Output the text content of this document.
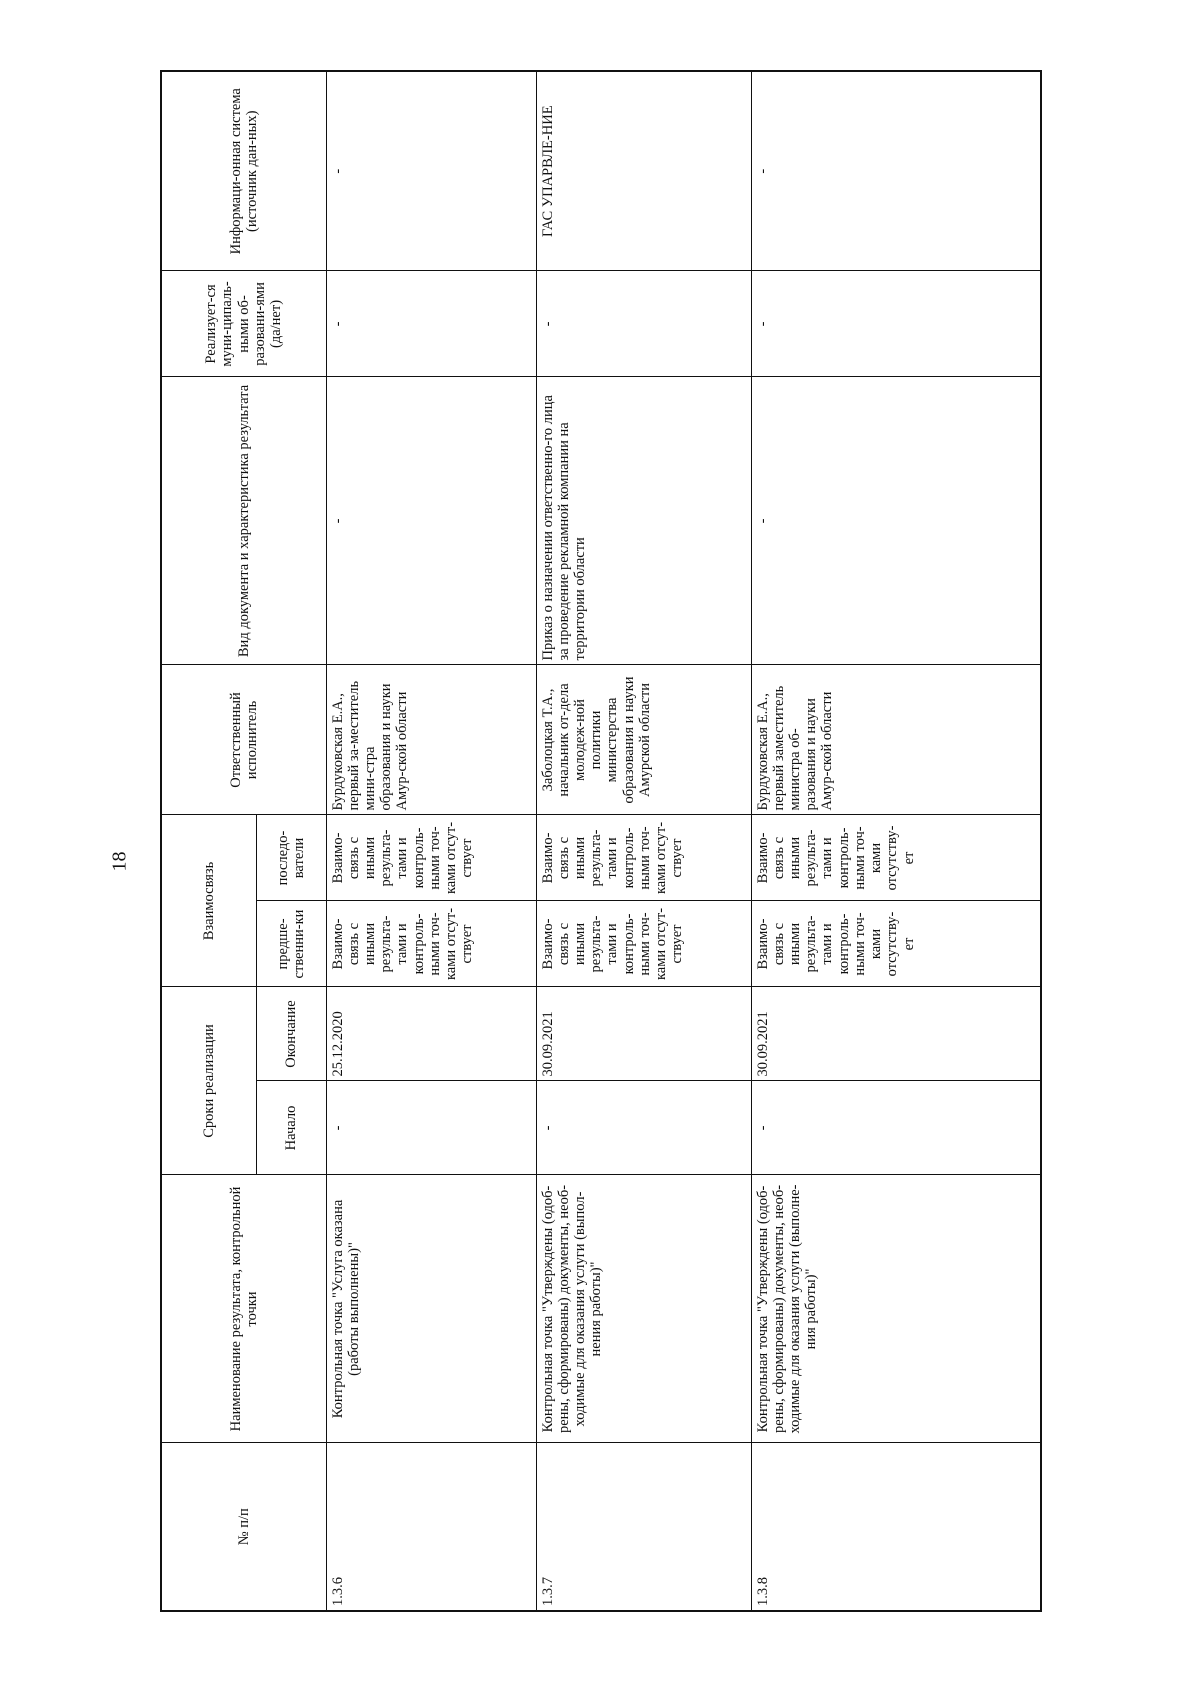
18
№ п/п	Наименование результата, контрольной точки	Сроки реализации		Взаимосвязь		Ответственный исполнитель	Вид документа и характеристика результата	Реализует-ся муни-ципаль-ными об-разовани-ями (да/нет)	Информаци-онная система (источник дан-ных)
		Начало	Окончание	предше-ственни-ки	последо-ватели				
1.3.6	Контрольная точка "Услуга оказана (работы выполнены)"	-	25.12.2020	Взаимо-связь с иными результа-тами и контроль-ными точ-ками отсут-ствует	Взаимо-связь с иными результа-тами и контроль-ными точ-ками отсут-ствует	Бурдуковская Е.А., первый за-меститель мини-стра образования и науки Амур-ской области	-	-	-
1.3.7	Контрольная точка "Утверждены (одоб-рены, сформированы) документы, необ-ходимые для оказания услуги (выпол-нения работы)"	-	30.09.2021	Взаимо-связь с иными результа-тами и контроль-ными точ-ками отсут-ствует	Взаимо-связь с иными результа-тами и контроль-ными точ-ками отсут-ствует	Заболоцкая Т.А., начальник от-дела молодеж-ной политики министерства образования и науки Амурской области	Приказ о назначении ответственно-го лица за проведение рекламной компании на территории области	-	ГАС УПАРВЛЕ-НИЕ
1.3.8	Контрольная точка "Утверждены (одоб-рены, сформированы) документы, необ-ходимые для оказания услуги (выполне-ния работы)"	-	30.09.2021	Взаимо-связь с иными результа-тами и контроль-ными точ-ками отсутству-ет	Взаимо-связь с иными результа-тами и контроль-ными точ-ками отсутству-ет	Бурдуковская Е.А., первый заместитель министра об-разования и науки Амур-ской области	-	-	-
